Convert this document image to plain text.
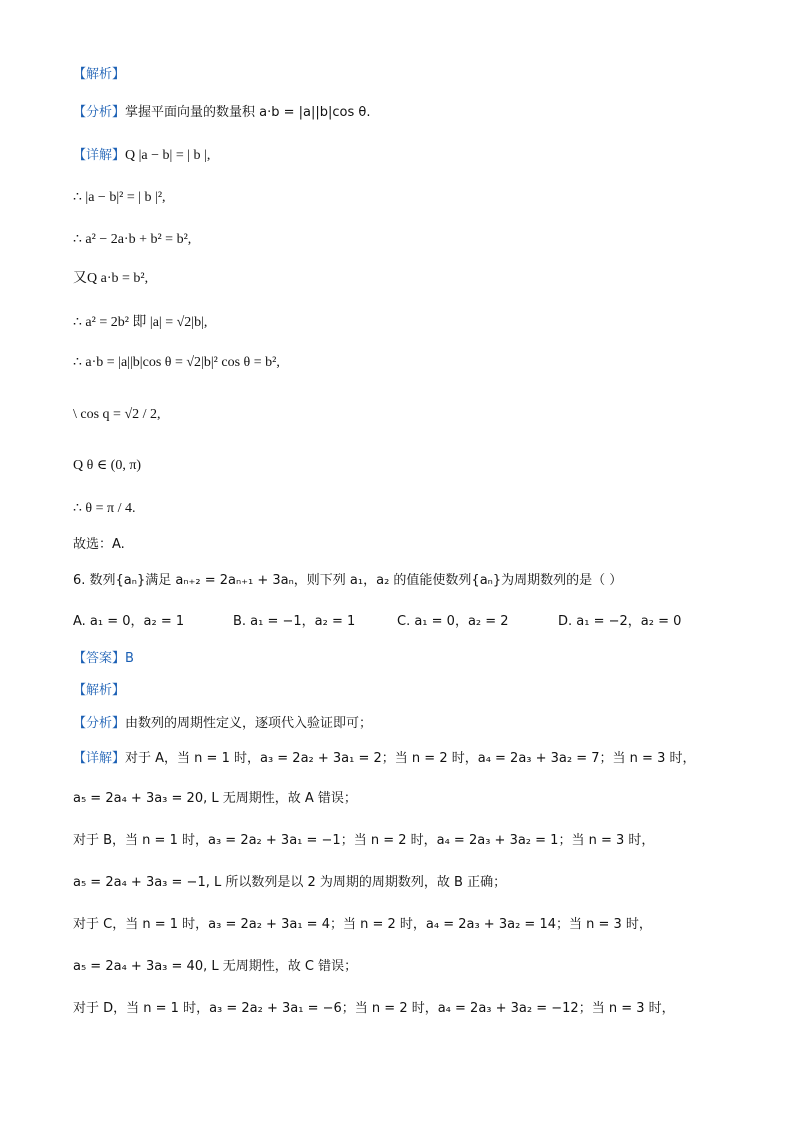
【解析】
【分析】掌握平面向量的数量积 a·b = |a||b|cos θ.
【详解】Q |a − b| = | b |,
∴ |a − b|² = | b |²,
∴ a² − 2a·b + b² = b²,
又Q a·b = b²,
∴ a² = 2b² 即 |a| = √2|b|,
∴ a·b = |a||b|cos θ = √2|b|² cos θ = b²,
\ cos q = √2 / 2,
Q θ ∈ (0, π)
∴ θ = π / 4.
故选：A.
6. 数列{aₙ}满足 aₙ₊₂ = 2aₙ₊₁ + 3aₙ，则下列 a₁，a₂ 的值能使数列{aₙ}为周期数列的是（ ）
A. a₁ = 0，a₂ = 1	B. a₁ = −1，a₂ = 1	C. a₁ = 0，a₂ = 2	D. a₁ = −2，a₂ = 0
【答案】B
【解析】
【分析】由数列的周期性定义，逐项代入验证即可；
【详解】对于 A，当 n = 1 时，a₃ = 2a₂ + 3a₁ = 2；当 n = 2 时，a₄ = 2a₃ + 3a₂ = 7；当 n = 3 时，
a₅ = 2a₄ + 3a₃ = 20, L 无周期性，故 A 错误；
对于 B，当 n = 1 时，a₃ = 2a₂ + 3a₁ = −1；当 n = 2 时，a₄ = 2a₃ + 3a₂ = 1；当 n = 3 时，
a₅ = 2a₄ + 3a₃ = −1, L 所以数列是以 2 为周期的周期数列，故 B 正确；
对于 C，当 n = 1 时，a₃ = 2a₂ + 3a₁ = 4；当 n = 2 时，a₄ = 2a₃ + 3a₂ = 14；当 n = 3 时，
a₅ = 2a₄ + 3a₃ = 40, L 无周期性，故 C 错误；
对于 D，当 n = 1 时，a₃ = 2a₂ + 3a₁ = −6；当 n = 2 时，a₄ = 2a₃ + 3a₂ = −12；当 n = 3 时，
